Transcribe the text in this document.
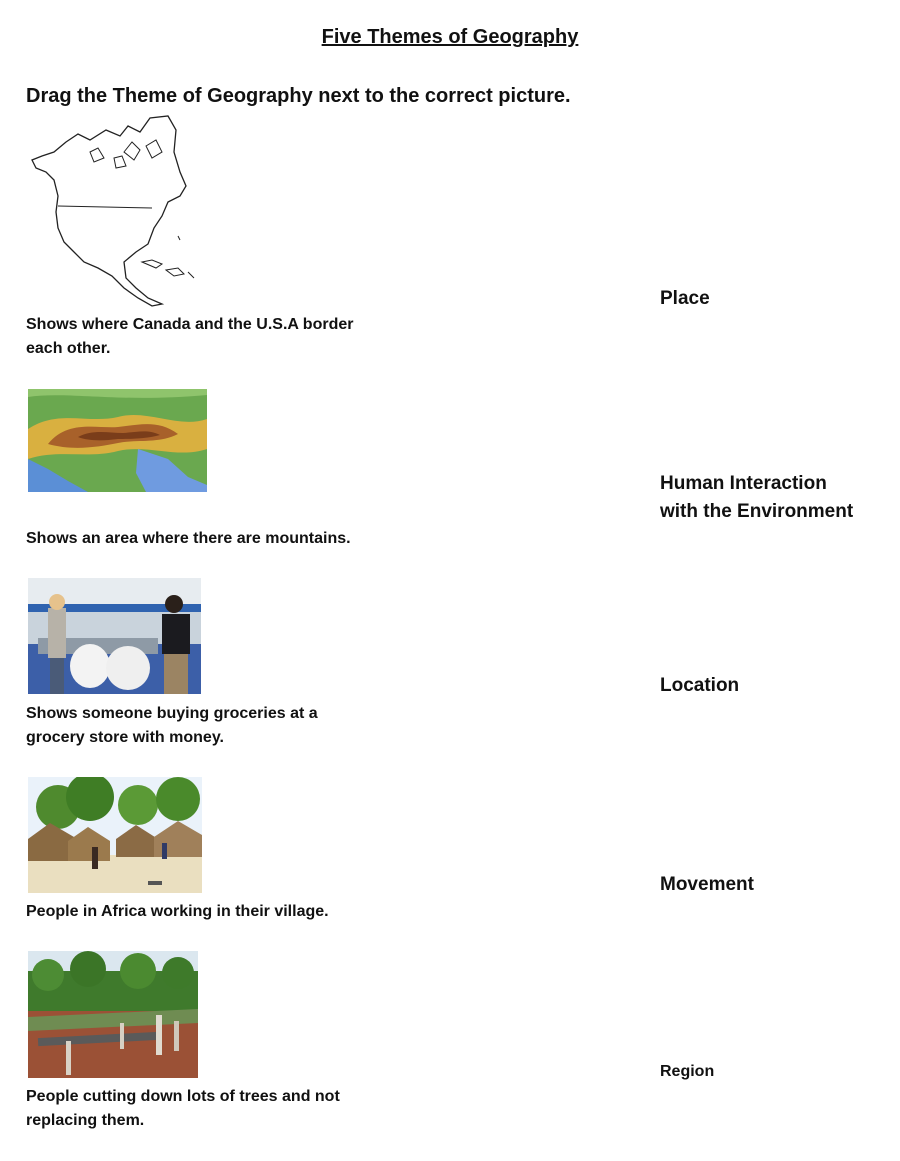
Five Themes of Geography
Drag the Theme of Geography next to the correct picture.
Shows where Canada and the U.S.A border
each other.
Shows an area where there are mountains.
Shows someone buying groceries at a
grocery store with money.
People in Africa working in their village.
People cutting down lots of trees and not
replacing them.
Place
Human Interaction
with the Environment
Location
Movement
Region
